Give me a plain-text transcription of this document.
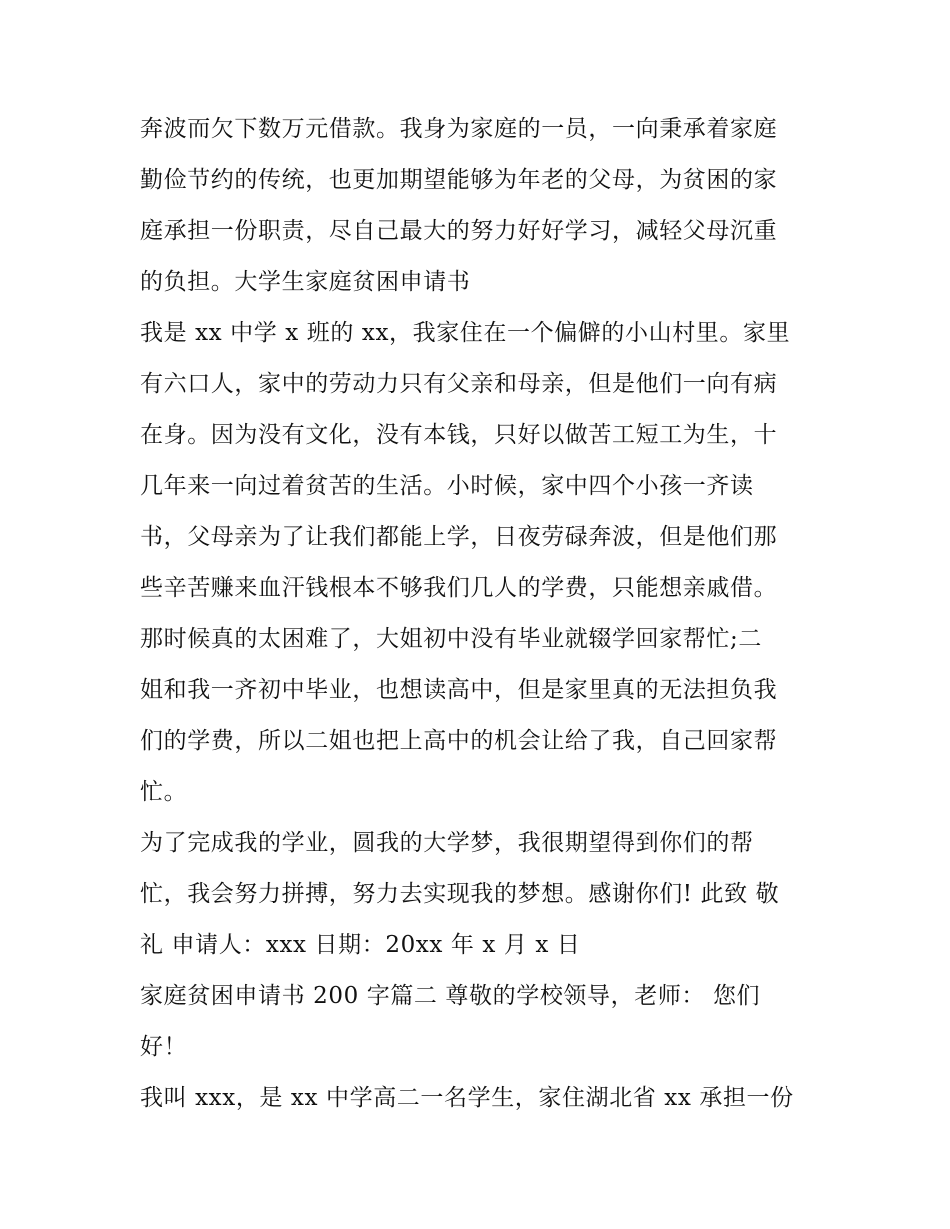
奔波而欠下数万元借款。我身为家庭的一员，一向秉承着家庭
勤俭节约的传统，也更加期望能够为年老的父母，为贫困的家
庭承担一份职责，尽自己最大的努力好好学习，减轻父母沉重
的负担。大学生家庭贫困申请书
我是 xx 中学 x 班的 xx，我家住在一个偏僻的小山村里。家里
有六口人，家中的劳动力只有父亲和母亲，但是他们一向有病
在身。因为没有文化，没有本钱，只好以做苦工短工为生，十
几年来一向过着贫苦的生活。小时候，家中四个小孩一齐读
书，父母亲为了让我们都能上学，日夜劳碌奔波，但是他们那
些辛苦赚来血汗钱根本不够我们几人的学费，只能想亲戚借。
那时候真的太困难了，大姐初中没有毕业就辍学回家帮忙;二
姐和我一齐初中毕业，也想读高中，但是家里真的无法担负我
们的学费，所以二姐也把上高中的机会让给了我，自己回家帮
忙。
为了完成我的学业，圆我的大学梦，我很期望得到你们的帮
忙，我会努力拼搏，努力去实现我的梦想。感谢你们! 此致 敬
礼 申请人：xxx 日期：20xx 年 x 月 x 日
家庭贫困申请书 200 字篇二 尊敬的学校领导，老师： 您们
好！
我叫 xxx，是 xx 中学高二一名学生，家住湖北省 xx 承担一份
